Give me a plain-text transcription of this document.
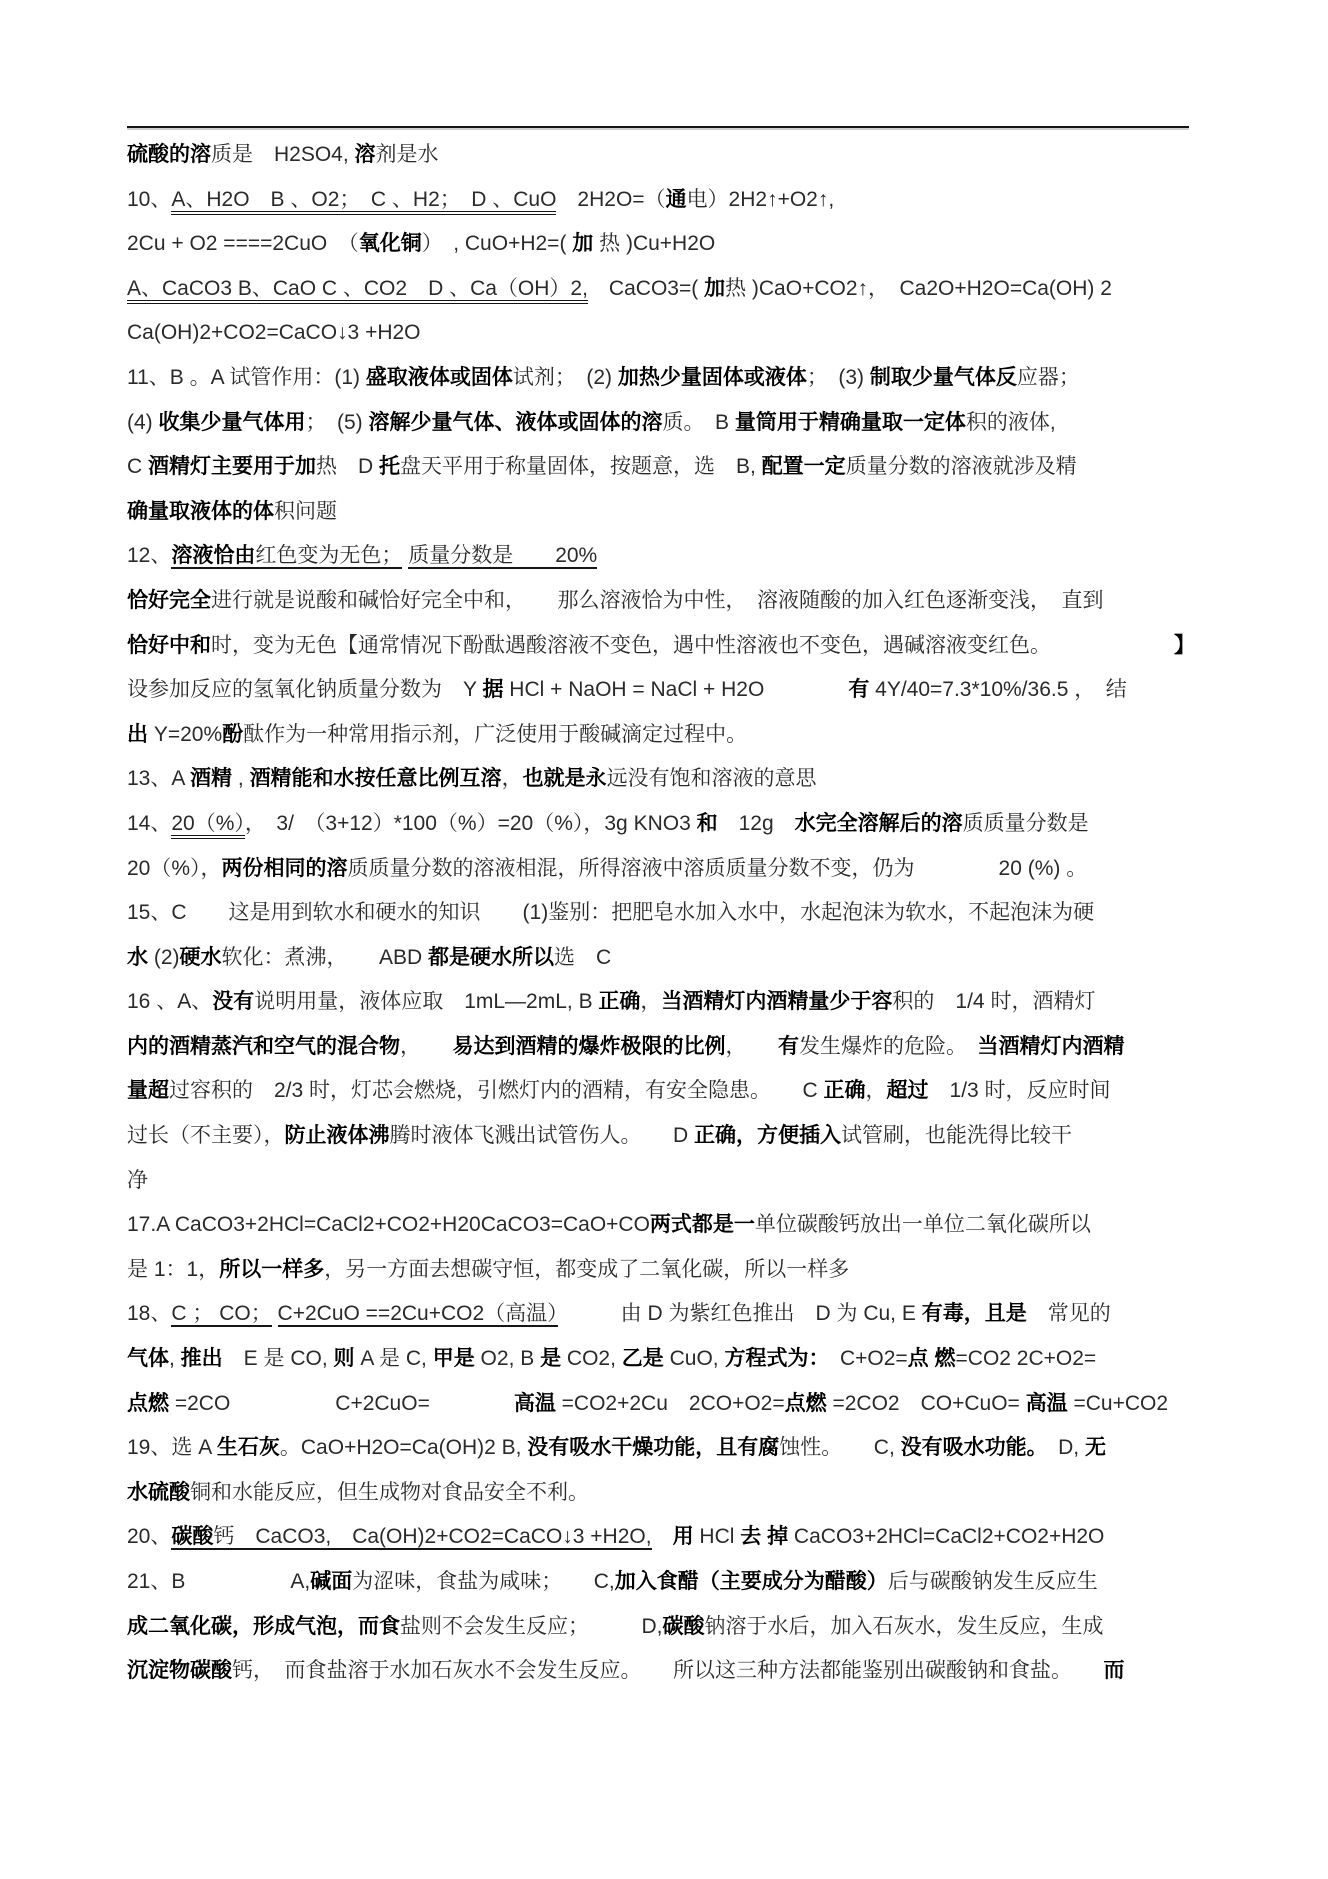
硫酸的溶质是　H2SO4, 溶剂是水

10、A、H2O　B 、O2；　C 、H2；　D 、CuO　2H2O=（通电）2H2↑+O2↑,

2Cu + O2 ====2CuO　（氧化铜）　, CuO+H2=( 加 热 )Cu+H2O

A、CaCO3 B、CaO C 、CO2　D 、Ca（OH）2,　CaCO3=( 加热 )CaO+CO2↑，　Ca2O+H2O=Ca(OH) 2

Ca(OH)2+CO2=CaCO↓3 +H2O

11、B 。A 试管作用：(1) 盛取液体或固体试剂；　(2) 加热少量固体或液体；　(3) 制取少量气体反应器；

(4) 收集少量气体用；　(5) 溶解少量气体、液体或固体的溶质。　B 量筒用于精确量取一定体积的液体,

C 酒精灯主要用于加热　D 托盘天平用于称量固体，按题意，选　B, 配置一定质量分数的溶液就涉及精

确量取液体的体积问题

12、溶液恰由红色变为无色； 质量分数是　　20%

恰好完全进行就是说酸和碱恰好完全中和，　　那么溶液恰为中性，　溶液随酸的加入红色逐渐变浅，　直到

恰好中和 时，变为无色【通常情况下酚酞遇酸溶液不变色，遇中性溶液也不变色，遇碱溶液变红色。	】

设参加反应的氢氧化钠质量分数为　Y 据 HCl + NaOH = NaCl + H2O　　　　有 4Y/40=7.3*10%/36.5 ，　结

出 Y=20%酚酞作为一种常用指示剂，广泛使用于酸碱滴定过程中。

13、A 酒精 , 酒精能和水按任意比例互溶，也就是永远没有饱和溶液的意思

14、20（%），　3/　（3+12）*100（%）=20（%），3g KNO3 和　12g　水完全溶解后的溶质质量分数是

20（%），两份相同的溶质质量分数的溶液相混，所得溶液中溶质质量分数不变，仍为　　　　20 (%) 。

15、C　　这是用到软水和硬水的知识　　(1)鉴别：把肥皂水加入水中，水起泡沫为软水，不起泡沫为硬

水 (2)硬水软化：煮沸，　　ABD 都是硬水所以选　C

16 、A、没有说明用量，液体应取　1mL—2mL, B 正确，当酒精灯内酒精量少于容积的　1/4 时，酒精灯

内的酒精蒸汽和空气的混合物，　　易达到酒精的爆炸极限的比例，　　有发生爆炸的危险。　当酒精灯内酒精

量超过容积的　2/3 时，灯芯会燃烧，引燃灯内的酒精，有安全隐患。　　C 正确，超过　1/3 时，反应时间

过长（不主要），防止液体沸腾时液体飞溅出试管伤人。　　D 正确，方便插入试管刷，也能洗得比较干

净

17.A CaCO3+2HCl=CaCl2+CO2+H20CaCO3=CaO+CO两式都是一单位碳酸钙放出一单位二氧化碳所以

是 1：1，所以一样多，另一方面去想碳守恒，都变成了二氧化碳，所以一样多

18、C ； CO； C+2CuO ==2Cu+CO2（高温）　　　由 D 为紫红色推出　D 为 Cu, E 有毒，且是　常见的

气体, 推出　E 是 CO, 则 A 是 C, 甲是 O2, B 是 CO2, 乙是 CuO, 方程式为：　C+O2=点 燃=CO2 2C+O2=

点燃 =2CO　　　　　C+2CuO=　　　　高温 =CO2+2Cu　2CO+O2=点燃 =2CO2　CO+CuO= 高温 =Cu+CO2

19、选 A 生石灰。CaO+H2O=Ca(OH)2 B, 没有吸水干燥功能，且有腐蚀性。　　C, 没有吸水功能。　D, 无

水硫酸铜和水能反应，但生成物对食品安全不利。

20、碳酸钙　CaCO3,　Ca(OH)2+CO2=CaCO↓3 +H2O,　 用 HCl 去 掉 CaCO3+2HCl=CaCl2+CO2+H2O

21、B　　　　　A,碱面为涩味，食盐为咸味；　　C,加入食醋（主要成分为醋酸）后与碳酸钠发生反应生

成二氧化碳，形成气泡，而食盐则不会发生反应；　　　D,碳酸钠溶于水后，加入石灰水，发生反应，生成

沉淀物碳酸钙，　而食盐溶于水加石灰水不会发生反应。　　所以这三种方法都能鉴别出碳酸钠和食盐。　　而
